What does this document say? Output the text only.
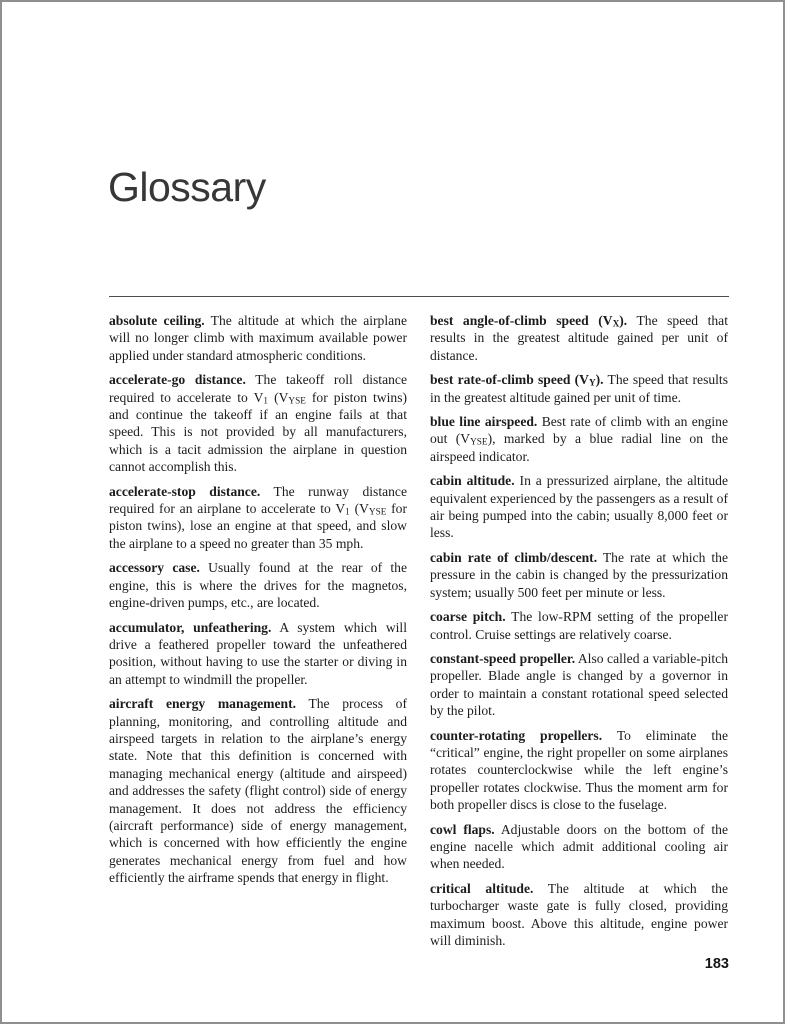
Glossary

absolute ceiling. The altitude at which the airplane will no longer climb with maximum available power applied under standard atmospheric conditions.

accelerate-go distance. The takeoff roll distance required to accelerate to $V_1$ ($V_{YSE}$ for piston twins) and continue the takeoff if an engine fails at that speed. This is not provided by all manufacturers, which is a tacit admission the airplane in question cannot accomplish this.

accelerate-stop distance. The runway distance required for an airplane to accelerate to $V_1$ ($V_{YSE}$ for piston twins), lose an engine at that speed, and slow the airplane to a speed no greater than 35 mph.

accessory case. Usually found at the rear of the engine, this is where the drives for the magnetos, engine-driven pumps, etc., are located.

accumulator, unfeathering. A system which will drive a feathered propeller toward the unfeathered position, without having to use the starter or diving in an attempt to windmill the propeller.

aircraft energy management. The process of planning, monitoring, and controlling altitude and airspeed targets in relation to the airplane’s energy state. Note that this definition is concerned with managing mechanical energy (altitude and airspeed) and addresses the safety (flight control) side of energy management. It does not address the efficiency (aircraft performance) side of energy management, which is concerned with how efficiently the engine generates mechanical energy from fuel and how efficiently the airframe spends that energy in flight.

best angle-of-climb speed $(V_X)$. The speed that results in the greatest altitude gained per unit of distance.

best rate-of-climb speed $(V_Y)$. The speed that results in the greatest altitude gained per unit of time.

blue line airspeed. Best rate of climb with an engine out $(V_{YSE})$, marked by a blue radial line on the airspeed indicator.

cabin altitude. In a pressurized airplane, the altitude equivalent experienced by the passengers as a result of air being pumped into the cabin; usually 8,000 feet or less.

cabin rate of climb/descent. The rate at which the pressure in the cabin is changed by the pressurization system; usually 500 feet per minute or less.

coarse pitch. The low-RPM setting of the propeller control. Cruise settings are relatively coarse.

constant-speed propeller. Also called a variable-pitch propeller. Blade angle is changed by a governor in order to maintain a constant rotational speed selected by the pilot.

counter-rotating propellers. To eliminate the “critical” engine, the right propeller on some airplanes rotates counterclockwise while the left engine’s propeller rotates clockwise. Thus the moment arm for both propeller discs is close to the fuselage.

cowl flaps. Adjustable doors on the bottom of the engine nacelle which admit additional cooling air when needed.

critical altitude. The altitude at which the turbocharger waste gate is fully closed, providing maximum boost. Above this altitude, engine power will diminish.

183
